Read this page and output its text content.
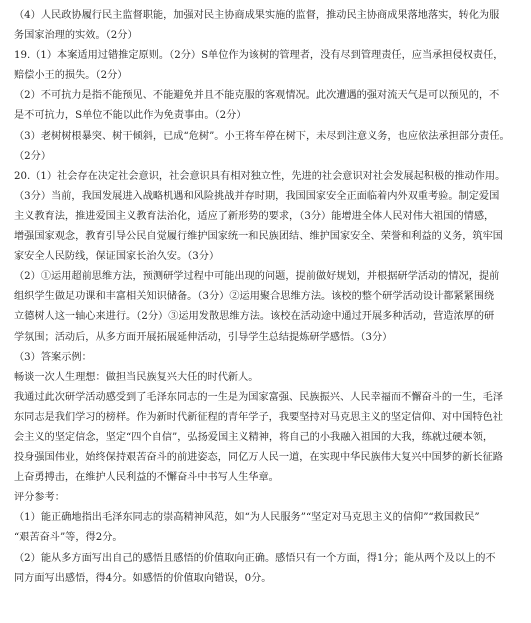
（4）人民政协履行民主监督职能，加强对民主协商成果实施的监督，推动民主协商成果落地落实，转化为服
务国家治理的实效。（2分）
19.（1）本案适用过错推定原则。（2分）S单位作为该树的管理者，没有尽到管理责任，应当承担侵权责任，
赔偿小王的损失。（2分）
（2）不可抗力是指不能预见、不能避免并且不能克服的客观情况。此次遭遇的强对流天气是可以预见的，不
是不可抗力，S单位不能以此作为免责事由。（2分）
（3）老树树根暴突、树干倾斜，已成“危树”。小王将车停在树下，未尽到注意义务，也应依法承担部分责任。
（2分）
20.（1）社会存在决定社会意识，社会意识具有相对独立性，先进的社会意识对社会发展起积极的推动作用。
（3分）当前，我国发展进入战略机遇和风险挑战并存时期，我国国家安全正面临着内外双重考验。制定爱国
主义教育法，推进爱国主义教育法治化，适应了新形势的要求，（3分）能增进全体人民对伟大祖国的情感，
增强国家观念，教育引导公民自觉履行维护国家统一和民族团结、维护国家安全、荣誉和利益的义务，筑牢国
家安全人民防线，保证国家长治久安。（3分）
（2）①运用超前思维方法，预测研学过程中可能出现的问题，提前做好规划，并根据研学活动的情况，提前
组织学生做足功课和丰富相关知识储备。（3分）②运用聚合思维方法。该校的整个研学活动设计都紧紧围绕
立德树人这一轴心来进行。（2分）③运用发散思维方法。该校在活动途中通过开展多种活动，营造浓厚的研
学氛围；活动后，从多方面开展拓展延伸活动，引导学生总结提炼研学感悟。（3分）
（3）答案示例：
畅谈一次人生理想：做担当民族复兴大任的时代新人。
我通过此次研学活动感受到了毛泽东同志的一生是为国家富强、民族振兴、人民幸福而不懈奋斗的一生，毛泽
东同志是我们学习的榜样。作为新时代新征程的青年学子，我要坚持对马克思主义的坚定信仰、对中国特色社
会主义的坚定信念，坚定“四个自信”，弘扬爱国主义精神，将自己的小我融入祖国的大我，练就过硬本领，
投身强国伟业，始终保持艰苦奋斗的前进姿态，同亿万人民一道，在实现中华民族伟大复兴中国梦的新长征路
上奋勇搏击，在维护人民利益的不懈奋斗中书写人生华章。
评分参考：
（1）能正确地指出毛泽东同志的崇高精神风范，如“为人民服务”“坚定对马克思主义的信仰”“救国救民”
“艰苦奋斗”等，得2分。
（2）能从多方面写出自己的感悟且感悟的价值取向正确。感悟只有一个方面，得1分；能从两个及以上的不
同方面写出感悟，得4分。如感悟的价值取向错误，0分。
